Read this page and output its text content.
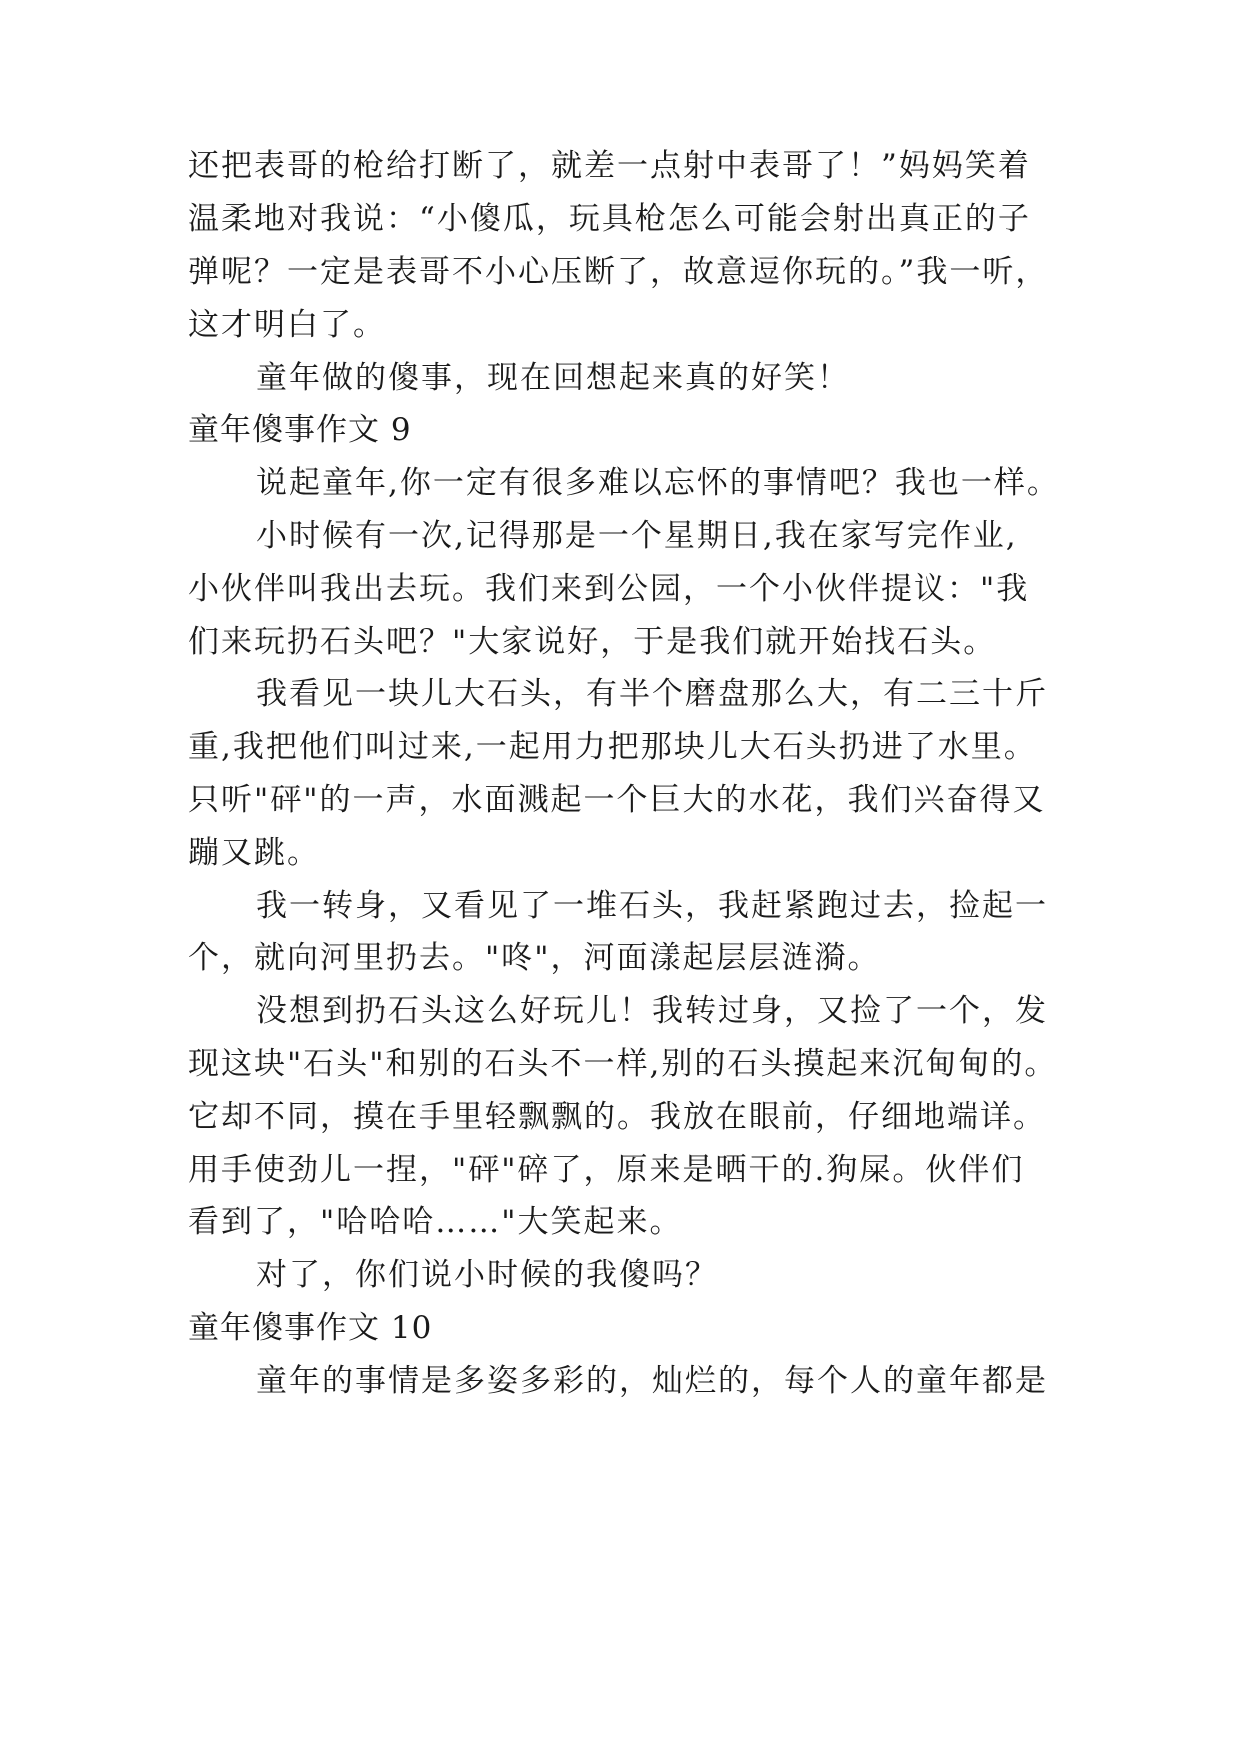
还把表哥的枪给打断了，就差一点射中表哥了！”妈妈笑着
温柔地对我说：“小傻瓜，玩具枪怎么可能会射出真正的子
弹呢？一定是表哥不小心压断了，故意逗你玩的。”我一听，
这才明白了。
童年做的傻事，现在回想起来真的好笑！
童年傻事作文 9
说起童年,你一定有很多难以忘怀的事情吧？我也一样。
小时候有一次,记得那是一个星期日,我在家写完作业,
小伙伴叫我出去玩。我们来到公园，一个小伙伴提议："我
们来玩扔石头吧？"大家说好，于是我们就开始找石头。
我看见一块儿大石头，有半个磨盘那么大，有二三十斤
重,我把他们叫过来,一起用力把那块儿大石头扔进了水里。
只听"砰"的一声，水面溅起一个巨大的水花，我们兴奋得又
蹦又跳。
我一转身，又看见了一堆石头，我赶紧跑过去，捡起一
个，就向河里扔去。"咚"，河面漾起层层涟漪。
没想到扔石头这么好玩儿！我转过身，又捡了一个，发
现这块"石头"和别的石头不一样,别的石头摸起来沉甸甸的。
它却不同，摸在手里轻飘飘的。我放在眼前，仔细地端详。
用手使劲儿一捏，"砰"碎了，原来是晒干的.狗屎。伙伴们
看到了，"哈哈哈……"大笑起来。
对了，你们说小时候的我傻吗？
童年傻事作文 10
童年的事情是多姿多彩的，灿烂的，每个人的童年都是
